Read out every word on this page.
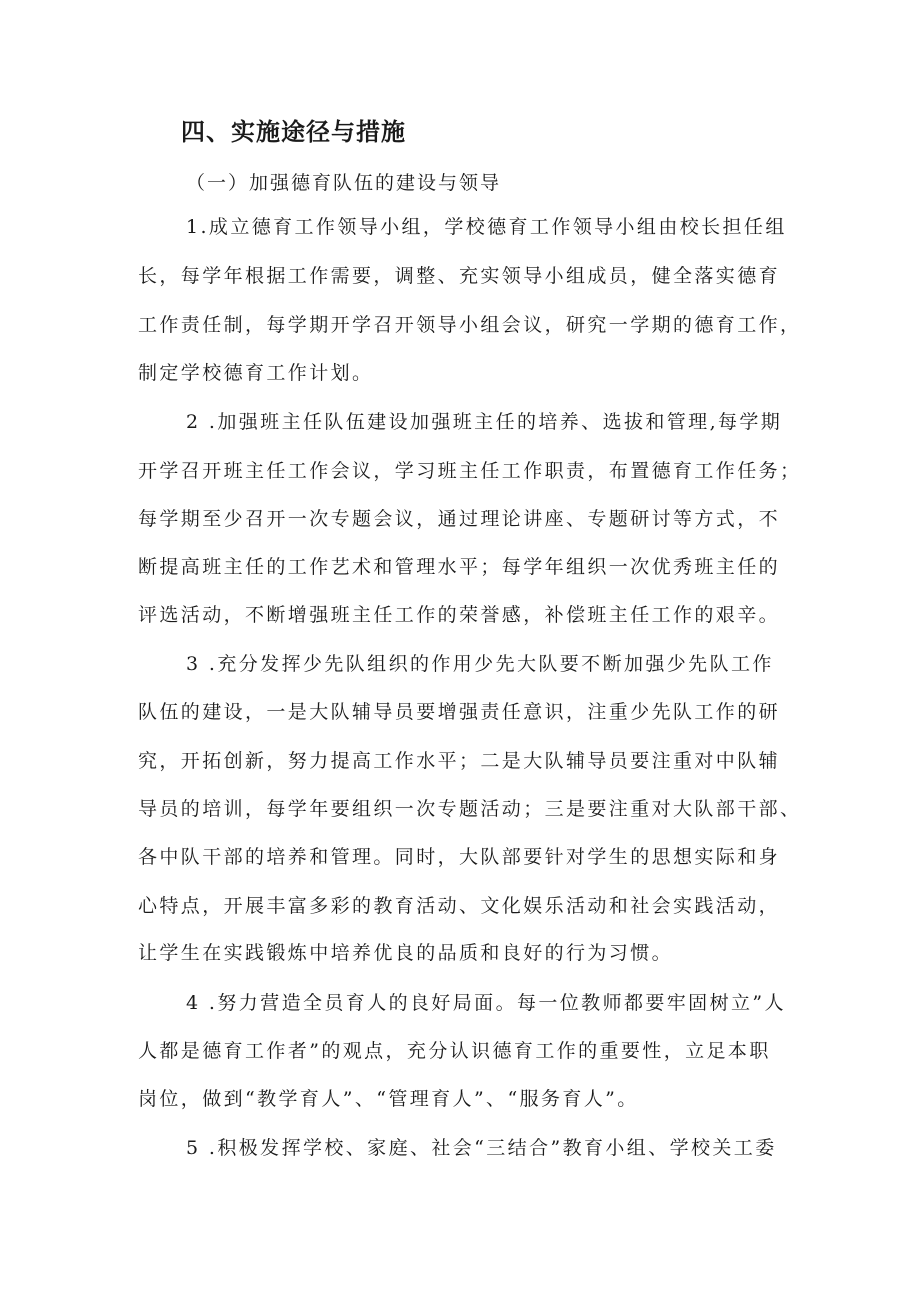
四、实施途径与措施
（一）加强德育队伍的建设与领导
1.成立德育工作领导小组，学校德育工作领导小组由校长担任组
长，每学年根据工作需要，调整、充实领导小组成员，健全落实德育
工作责任制，每学期开学召开领导小组会议，研究一学期的德育工作，
制定学校德育工作计划。
2 .加强班主任队伍建设加强班主任的培养、选拔和管理,每学期
开学召开班主任工作会议，学习班主任工作职责，布置德育工作任务；
每学期至少召开一次专题会议，通过理论讲座、专题研讨等方式，不
断提高班主任的工作艺术和管理水平；每学年组织一次优秀班主任的
评选活动，不断增强班主任工作的荣誉感，补偿班主任工作的艰辛。
3 .充分发挥少先队组织的作用少先大队要不断加强少先队工作
队伍的建设，一是大队辅导员要增强责任意识，注重少先队工作的研
究，开拓创新，努力提高工作水平；二是大队辅导员要注重对中队辅
导员的培训，每学年要组织一次专题活动；三是要注重对大队部干部、
各中队干部的培养和管理。同时，大队部要针对学生的思想实际和身
心特点，开展丰富多彩的教育活动、文化娱乐活动和社会实践活动，
让学生在实践锻炼中培养优良的品质和良好的行为习惯。
4 .努力营造全员育人的良好局面。每一位教师都要牢固树立”人
人都是德育工作者”的观点，充分认识德育工作的重要性，立足本职
岗位，做到“教学育人”、“管理育人”、“服务育人”。
5 .积极发挥学校、家庭、社会“三结合”教育小组、学校关工委
